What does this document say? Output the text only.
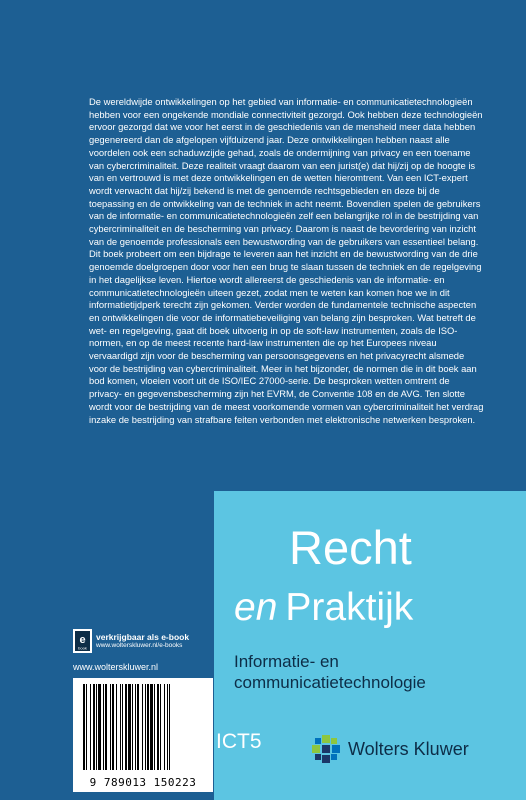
De wereldwijde ontwikkelingen op het gebied van informatie- en communicatietechnologieën hebben voor een ongekende mondiale connectiviteit gezorgd. Ook hebben deze technologieën ervoor gezorgd dat we voor het eerst in de geschiedenis van de mensheid meer data hebben gegenereerd dan de afgelopen vijfduizend jaar. Deze ontwikkelingen hebben naast alle voordelen ook een schaduwzijde gehad, zoals de ondermijning van privacy en een toename van cybercriminaliteit. Deze realiteit vraagt daarom van een jurist(e) dat hij/zij op de hoogte is van en vertrouwd is met deze ontwikkelingen en de wetten hieromtrent. Van een ICT-expert wordt verwacht dat hij/zij bekend is met de genoemde rechtsgebieden en deze bij de toepassing en de ontwikkeling van de techniek in acht neemt. Bovendien spelen de gebruikers van de informatie- en communicatietechnologieën zelf een belangrijke rol in de bestrijding van cybercriminaliteit en de bescherming van privacy. Daarom is naast de bevordering van inzicht van de genoemde professionals een bewustwording van de gebruikers van essentieel belang.

Dit boek probeert om een bijdrage te leveren aan het inzicht en de bewustwording van de drie genoemde doelgroepen door voor hen een brug te slaan tussen de techniek en de regelgeving in het dagelijkse leven. Hiertoe wordt allereerst de geschiedenis van de informatie- en communicatietechnologieën uiteen gezet, zodat men te weten kan komen hoe we in dit informatietijdperk terecht zijn gekomen. Verder worden de fundamentele technische aspecten en ontwikkelingen die voor de informatiebeveiliging van belang zijn besproken. Wat betreft de wet- en regelgeving, gaat dit boek uitvoerig in op de soft-law instrumenten, zoals de ISO-normen, en op de meest recente hard-law instrumenten die op het Europees niveau vervaardigd zijn voor de bescherming van persoonsgegevens en het privacyrecht alsmede voor de bestrijding van cybercriminaliteit. Meer in het bijzonder, de normen die in dit boek aan bod komen, vloeien voort uit de ISO/IEC 27000-serie. De besproken wetten omtrent de privacy- en gegevensbescherming zijn het EVRM, de Conventie 108 en de AVG. Ten slotte wordt voor de bestrijding van de meest voorkomende vormen van cybercriminaliteit het verdrag inzake de bestrijding van strafbare feiten verbonden met elektronische netwerken besproken.

e
book
verkrijgbaar als e-book
www.wolterskluwer.nl/e-books
www.wolterskluwer.nl
9 789013 150223
Recht
en Praktijk
Informatie- en
communicatietechnologie
ICT5	Wolters Kluwer
